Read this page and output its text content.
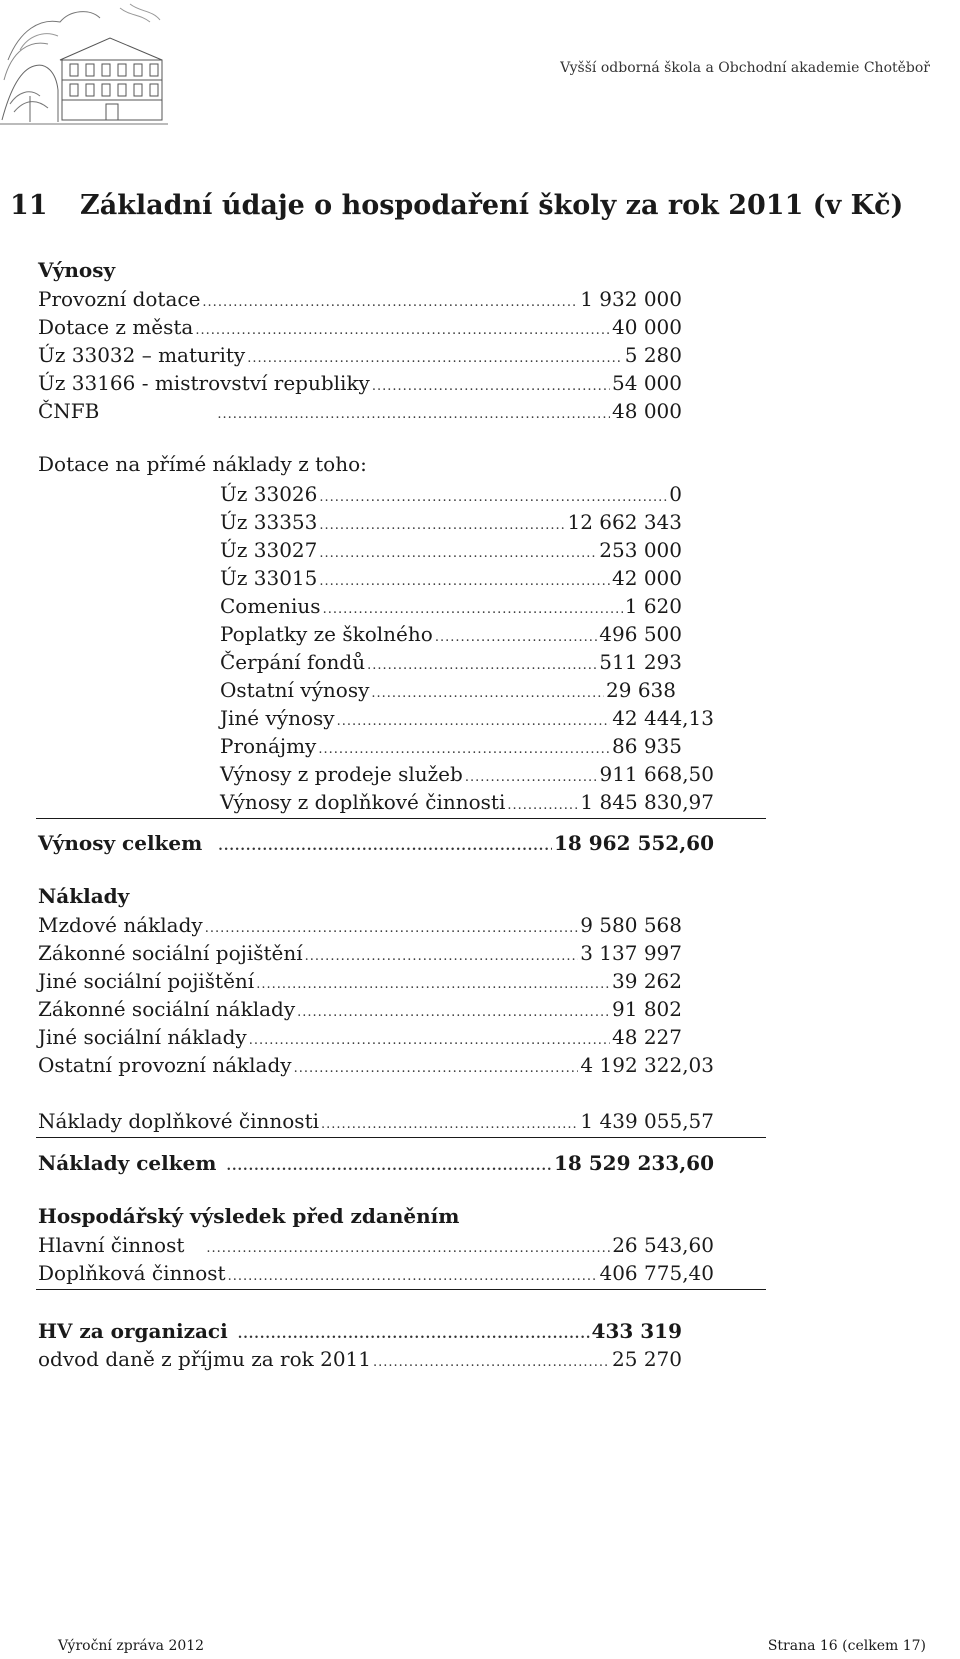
Vyšší odborná škola a Obchodní akademie Chotěboř
11 Základní údaje o hospodaření školy za rok 2011 (v Kč)
Výnosy
Provozní dotace .....	1 932 000
Dotace z města .....	40 000
Úz 33032 – maturity .....	5 280
Úz 33166 - mistrovství republiky .....	54 000
ČNFB .....	48 000
Dotace na přímé náklady z toho:
Úz 33026 .....	0
Úz 33353 .....	12 662 343
Úz 33027 .....	253 000
Úz 33015 .....	42 000
Comenius .....	1 620
Poplatky ze školného .....	496 500
Čerpání fondů .....	511 293
Ostatní výnosy .....	29 638
Jiné výnosy .....	42 444,13
Pronájmy .....	86 935
Výnosy z prodeje služeb .....	911 668,50
Výnosy z doplňkové činnosti .....	1 845 830,97
Výnosy celkem .....	18 962 552,60
Náklady
Mzdové náklady .....	9 580 568
Zákonné sociální pojištění .....	3 137 997
Jiné sociální pojištění .....	39 262
Zákonné sociální náklady .....	91 802
Jiné sociální náklady .....	48 227
Ostatní provozní náklady .....	4 192 322,03
Náklady doplňkové činnosti .....	1 439 055,57
Náklady celkem .....	18 529 233,60
Hospodářský výsledek před zdaněním
Hlavní činnost .....	26 543,60
Doplňková činnost .....	406 775,40
HV za organizaci .....	433 319
odvod daně z příjmu za rok 2011 .....	25 270
Výroční zpráva 2012	Strana 16 (celkem 17)
